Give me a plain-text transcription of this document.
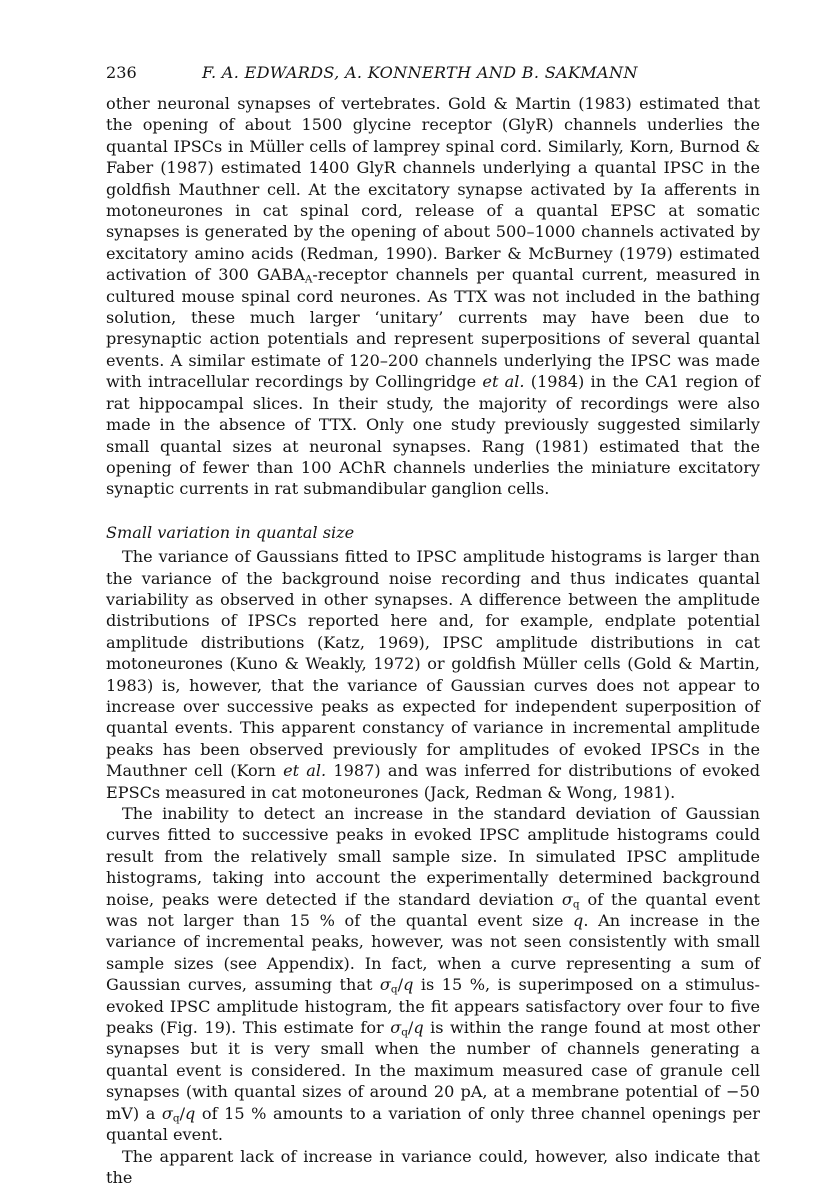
236	F. A. EDWARDS, A. KONNERTH AND B. SAKMANN

other neuronal synapses of vertebrates. Gold & Martin (1983) estimated that the opening of about 1500 glycine receptor (GlyR) channels underlies the quantal IPSCs in Müller cells of lamprey spinal cord. Similarly, Korn, Burnod & Faber (1987) estimated 1400 GlyR channels underlying a quantal IPSC in the goldfish Mauthner cell. At the excitatory synapse activated by Ia afferents in motoneurones in cat spinal cord, release of a quantal EPSC at somatic synapses is generated by the opening of about 500–1000 channels activated by excitatory amino acids (Redman, 1990). Barker & McBurney (1979) estimated activation of 300 $GABA_A$-receptor channels per quantal current, measured in cultured mouse spinal cord neurones. As TTX was not included in the bathing solution, these much larger ‘unitary’ currents may have been due to presynaptic action potentials and represent superpositions of several quantal events. A similar estimate of 120–200 channels underlying the IPSC was made with intracellular recordings by Collingridge et al. (1984) in the CA1 region of rat hippocampal slices. In their study, the majority of recordings were also made in the absence of TTX. Only one study previously suggested similarly small quantal sizes at neuronal synapses. Rang (1981) estimated that the opening of fewer than 100 AChR channels underlies the miniature excitatory synaptic currents in rat submandibular ganglion cells.

Small variation in quantal size

The variance of Gaussians fitted to IPSC amplitude histograms is larger than the variance of the background noise recording and thus indicates quantal variability as observed in other synapses. A difference between the amplitude distributions of IPSCs reported here and, for example, endplate potential amplitude distributions (Katz, 1969), IPSC amplitude distributions in cat motoneurones (Kuno & Weakly, 1972) or goldfish Müller cells (Gold & Martin, 1983) is, however, that the variance of Gaussian curves does not appear to increase over successive peaks as expected for independent superposition of quantal events. This apparent constancy of variance in incremental amplitude peaks has been observed previously for amplitudes of evoked IPSCs in the Mauthner cell (Korn et al. 1987) and was inferred for distributions of evoked EPSCs measured in cat motoneurones (Jack, Redman & Wong, 1981).

The inability to detect an increase in the standard deviation of Gaussian curves fitted to successive peaks in evoked IPSC amplitude histograms could result from the relatively small sample size. In simulated IPSC amplitude histograms, taking into account the experimentally determined background noise, peaks were detected if the standard deviation $\sigma_q$ of the quantal event was not larger than 15 % of the quantal event size q. An increase in the variance of incremental peaks, however, was not seen consistently with small sample sizes (see Appendix). In fact, when a curve representing a sum of Gaussian curves, assuming that $\sigma_q/q$ is 15 %, is superimposed on a stimulus-evoked IPSC amplitude histogram, the fit appears satisfactory over four to five peaks (Fig. 19). This estimate for $\sigma_q/q$ is within the range found at most other synapses but it is very small when the number of channels generating a quantal event is considered. In the maximum measured case of granule cell synapses (with quantal sizes of around 20 pA, at a membrane potential of −50 mV) a $\sigma_q/q$ of 15 % amounts to a variation of only three channel openings per quantal event.

The apparent lack of increase in variance could, however, also indicate that the
